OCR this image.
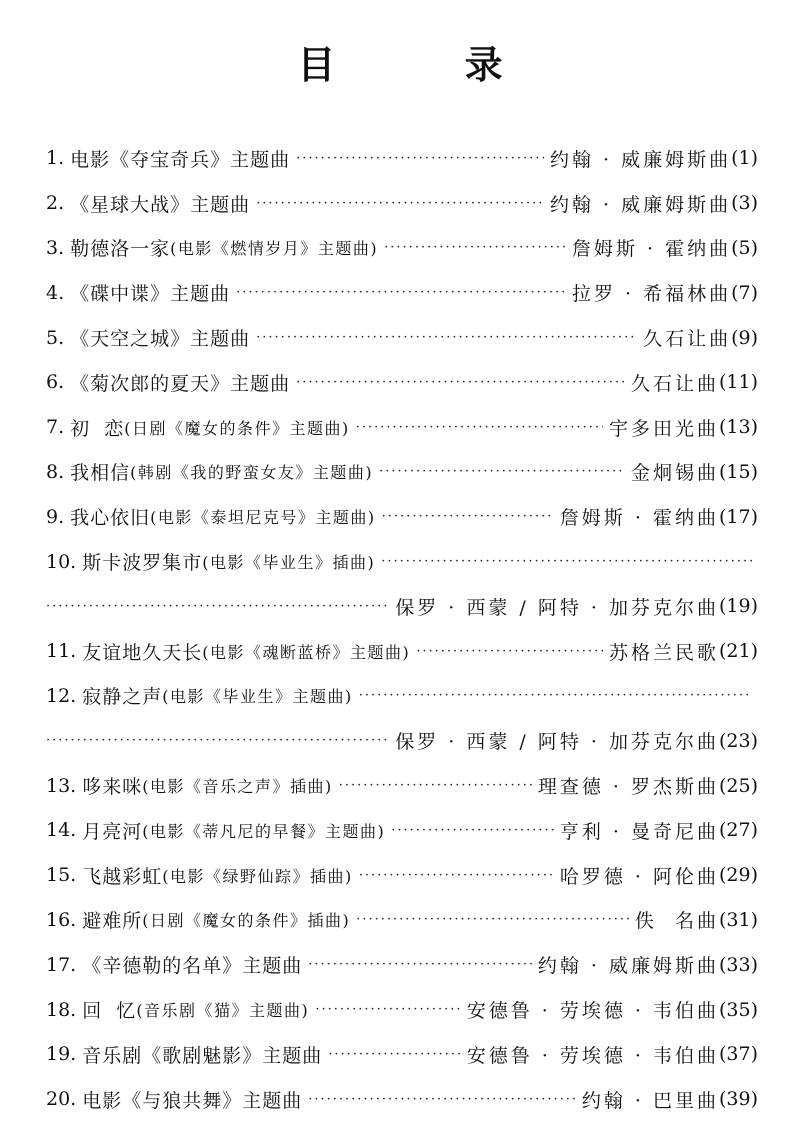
目 录
1. 电影《夺宝奇兵》主题曲 ·····	约翰 · 威廉姆斯曲 (1)
2. 《星球大战》主题曲 ·····	约翰 · 威廉姆斯曲 (3)
3. 勒德洛一家 (电影《燃情岁月》主题曲) ·····	詹姆斯 · 霍纳曲 (5)
4. 《碟中谍》主题曲 ·····	拉罗 · 希福林曲 (7)
5. 《天空之城》主题曲 ·····	久石让曲 (9)
6. 《菊次郎的夏天》主题曲 ·····	久石让曲 (11)
7. 初  恋 (日剧《魔女的条件》主题曲) ·····	宇多田光曲 (13)
8. 我相信 (韩剧《我的野蛮女友》主题曲) ·····	金炯锡曲 (15)
9. 我心依旧 (电影《泰坦尼克号》主题曲) ·····	詹姆斯 · 霍纳曲 (17)
10. 斯卡波罗集市 (电影《毕业生》插曲)
·····
·····
保罗 · 西蒙 / 阿特 · 加芬克尔曲 (19)
11. 友谊地久天长 (电影《魂断蓝桥》主题曲) ·····	苏格兰民歌 (21)
12. 寂静之声 (电影《毕业生》主题曲)
·····
·····
保罗 · 西蒙 / 阿特 · 加芬克尔曲 (23)
13. 哆来咪 (电影《音乐之声》插曲) ·····	理查德 · 罗杰斯曲 (25)
14. 月亮河 (电影《蒂凡尼的早餐》主题曲) ·····	亨利 · 曼奇尼曲 (27)
15. 飞越彩虹 (电影《绿野仙踪》插曲) ·····	哈罗德 · 阿伦曲 (29)
16. 避难所 (日剧《魔女的条件》插曲) ·····	佚  名曲 (31)
17. 《辛德勒的名单》主题曲 ·····	约翰 · 威廉姆斯曲 (33)
18. 回  忆 (音乐剧《猫》主题曲) ·····	安德鲁 · 劳埃德 · 韦伯曲 (35)
19. 音乐剧《歌剧魅影》主题曲 ·····	安德鲁 · 劳埃德 · 韦伯曲 (37)
20. 电影《与狼共舞》主题曲 ·····	约翰 · 巴里曲 (39)
